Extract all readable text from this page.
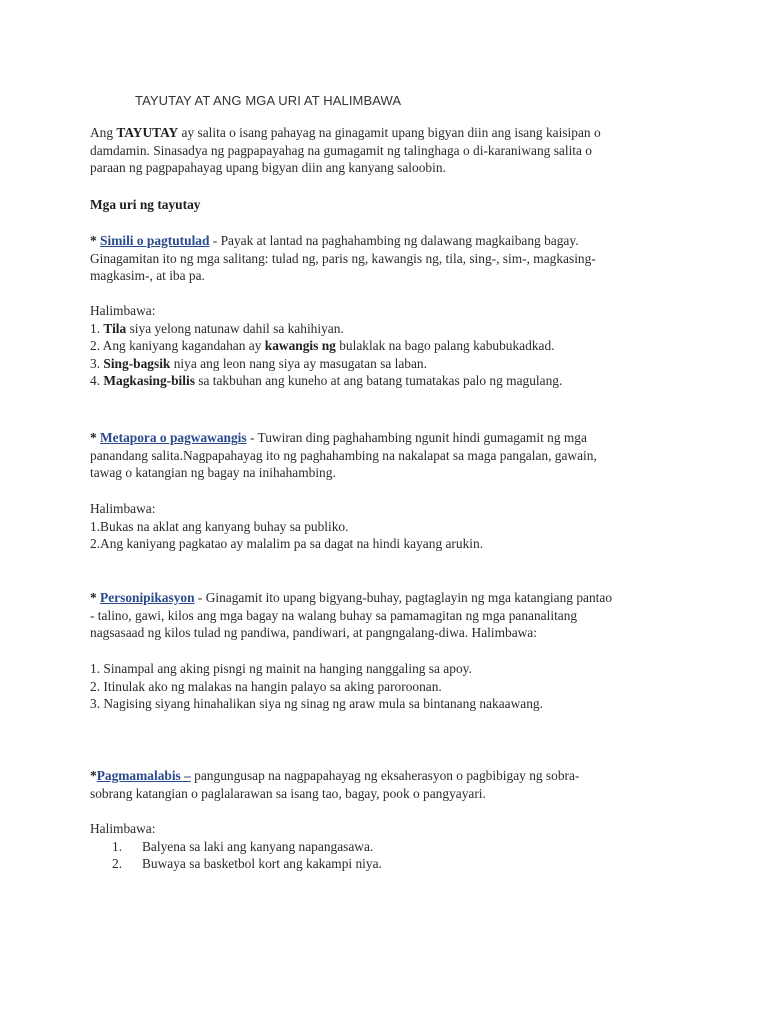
TAYUTAY AT ANG MGA URI AT HALIMBAWA

Ang TAYUTAY ay salita o isang pahayag na ginagamit upang bigyan diin ang isang kaisipan o

damdamin. Sinasadya ng pagpapayahag na gumagamit ng talinghaga o di-karaniwang salita o

paraan ng pagpapahayag upang bigyan diin ang kanyang saloobin.

Mga uri ng tayutay

* Simili o pagtutulad - Payak at lantad na paghahambing ng dalawang magkaibang bagay.

Ginagamitan ito ng mga salitang: tulad ng, paris ng, kawangis ng, tila, sing-, sim-, magkasing-

magkasim-, at iba pa.

Halimbawa:

1. Tila siya yelong natunaw dahil sa kahihiyan.

2. Ang kaniyang kagandahan ay kawangis ng bulaklak na bago palang kabubukadkad.

3. Sing-bagsik niya ang leon nang siya ay masugatan sa laban.

4. Magkasing-bilis sa takbuhan ang kuneho at ang batang tumatakas palo ng magulang.

* Metapora o pagwawangis - Tuwiran ding paghahambing ngunit hindi gumagamit ng mga

panandang salita.Nagpapahayag ito ng paghahambing na nakalapat sa maga pangalan, gawain,

tawag o katangian ng bagay na inihahambing.

Halimbawa:

1.Bukas na aklat ang kanyang buhay sa publiko.

2.Ang kaniyang pagkatao ay malalim pa sa dagat na hindi kayang arukin.

* Personipikasyon - Ginagamit ito upang bigyang-buhay, pagtaglayin ng mga katangiang pantao

- talino, gawi, kilos ang mga bagay na walang buhay sa pamamagitan ng mga pananalitang

nagsasaad ng kilos tulad ng pandiwa, pandiwari, at pangngalang-diwa. Halimbawa:

1. Sinampal ang aking pisngi ng mainit na hanging nanggaling sa apoy.

2. Itinulak ako ng malakas na hangin palayo sa aking paroroonan.

3. Nagising siyang hinahalikan siya ng sinag ng araw mula sa bintanang nakaawang.

*Pagmamalabis – pangungusap na nagpapahayag ng eksaherasyon o pagbibigay ng sobra-

sobrang katangian o paglalarawan sa isang tao, bagay, pook o pangyayari.

Halimbawa:

1. Balyena sa laki ang kanyang napangasawa.

2. Buwaya sa basketbol kort ang kakampi niya.
